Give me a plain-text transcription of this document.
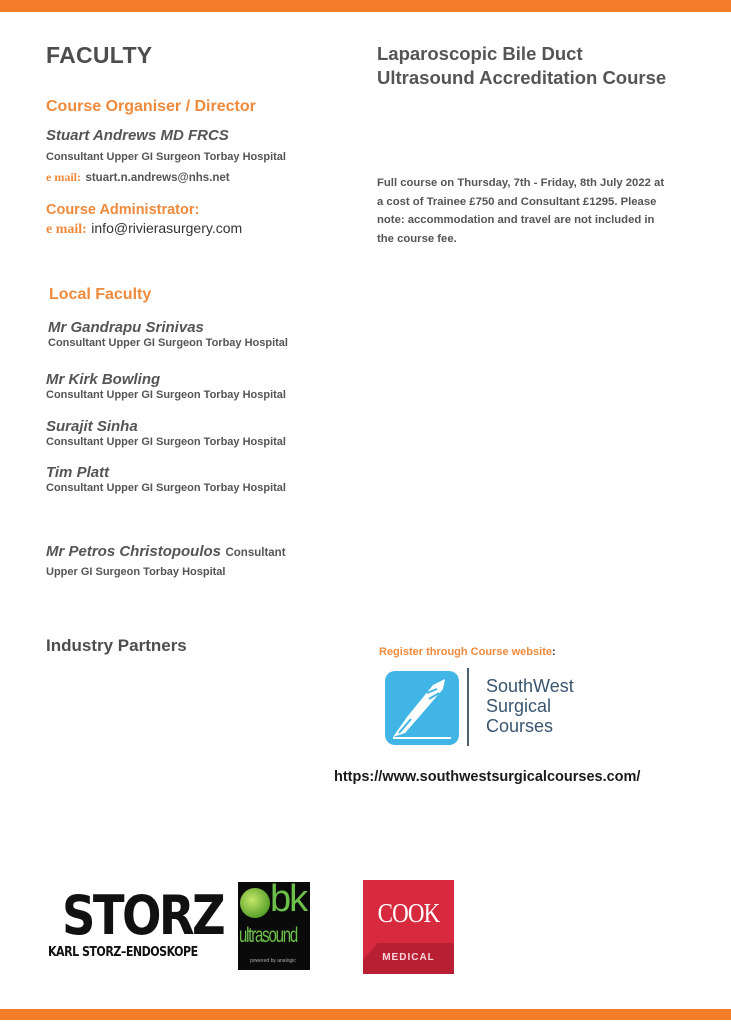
FACULTY
Course Organiser / Director
Stuart Andrews MD FRCS
Consultant Upper GI Surgeon Torbay Hospital
e mail: stuart.n.andrews@nhs.net
Course Administrator:
e mail: info@rivierasurgery.com
Local Faculty
Mr Gandrapu Srinivas
Consultant Upper GI Surgeon Torbay Hospital
Mr Kirk Bowling
Consultant Upper GI Surgeon Torbay Hospital
Surajit Sinha
Consultant Upper GI Surgeon Torbay Hospital
Tim Platt
Consultant Upper GI Surgeon Torbay Hospital
Mr Petros Christopoulos Consultant
Upper GI Surgeon Torbay Hospital
Industry Partners
Laparoscopic Bile Duct
Ultrasound Accreditation Course
Full course on Thursday, 7th - Friday, 8th July 2022 at a cost of Trainee £750 and Consultant £1295. Please note: accommodation and travel are not included in the course fee.
Register through Course website:
SouthWest
Surgical
Courses
https://www.southwestsurgicalcourses.com/
STORZ
KARL STORZ–ENDOSKOPE
bk
ultrasound
powered by analogic
COOK
MEDICAL
